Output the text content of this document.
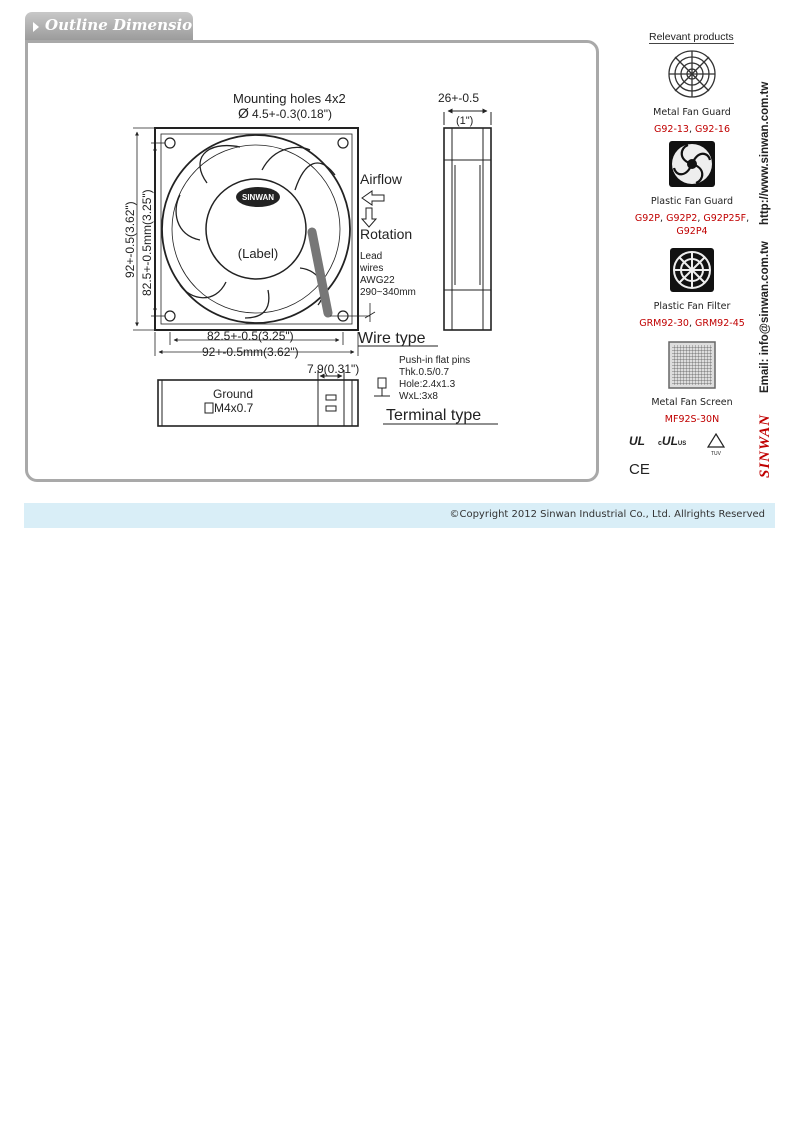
Outline Dimensions
SINWAN
(Label)
Mounting holes 4x2
Ø 4.5+-0.3(0.18")
92+-0.5(3.62") 82.5+-0.5mm(3.25")
82.5+-0.5(3.25")
92+-0.5mm(3.62")
Airflow
Rotation
Lead
wires
AWG22
290~340mm
Wire type
26+-0.5
(1")
7.9(0.31")
Ground
M4x0.7
Push-in flat pins
Thk.0.5/0.7
Hole:2.4x1.3
WxL:3x8
Terminal type
Relevant products
Metal Fan Guard
G92-13, G92-16
Plastic Fan Guard
G92P, G92P2, G92P25F,
G92P4
Plastic Fan Filter
GRM92-30, GRM92-45
Metal Fan Screen
MF92S-30N
UL cULUS
TUV
CE
http://www.sinwan.com.tw
Email: info@sinwan.com.tw
SINWAN
©Copyright 2012 Sinwan Industrial Co., Ltd. Allrights Reserved
